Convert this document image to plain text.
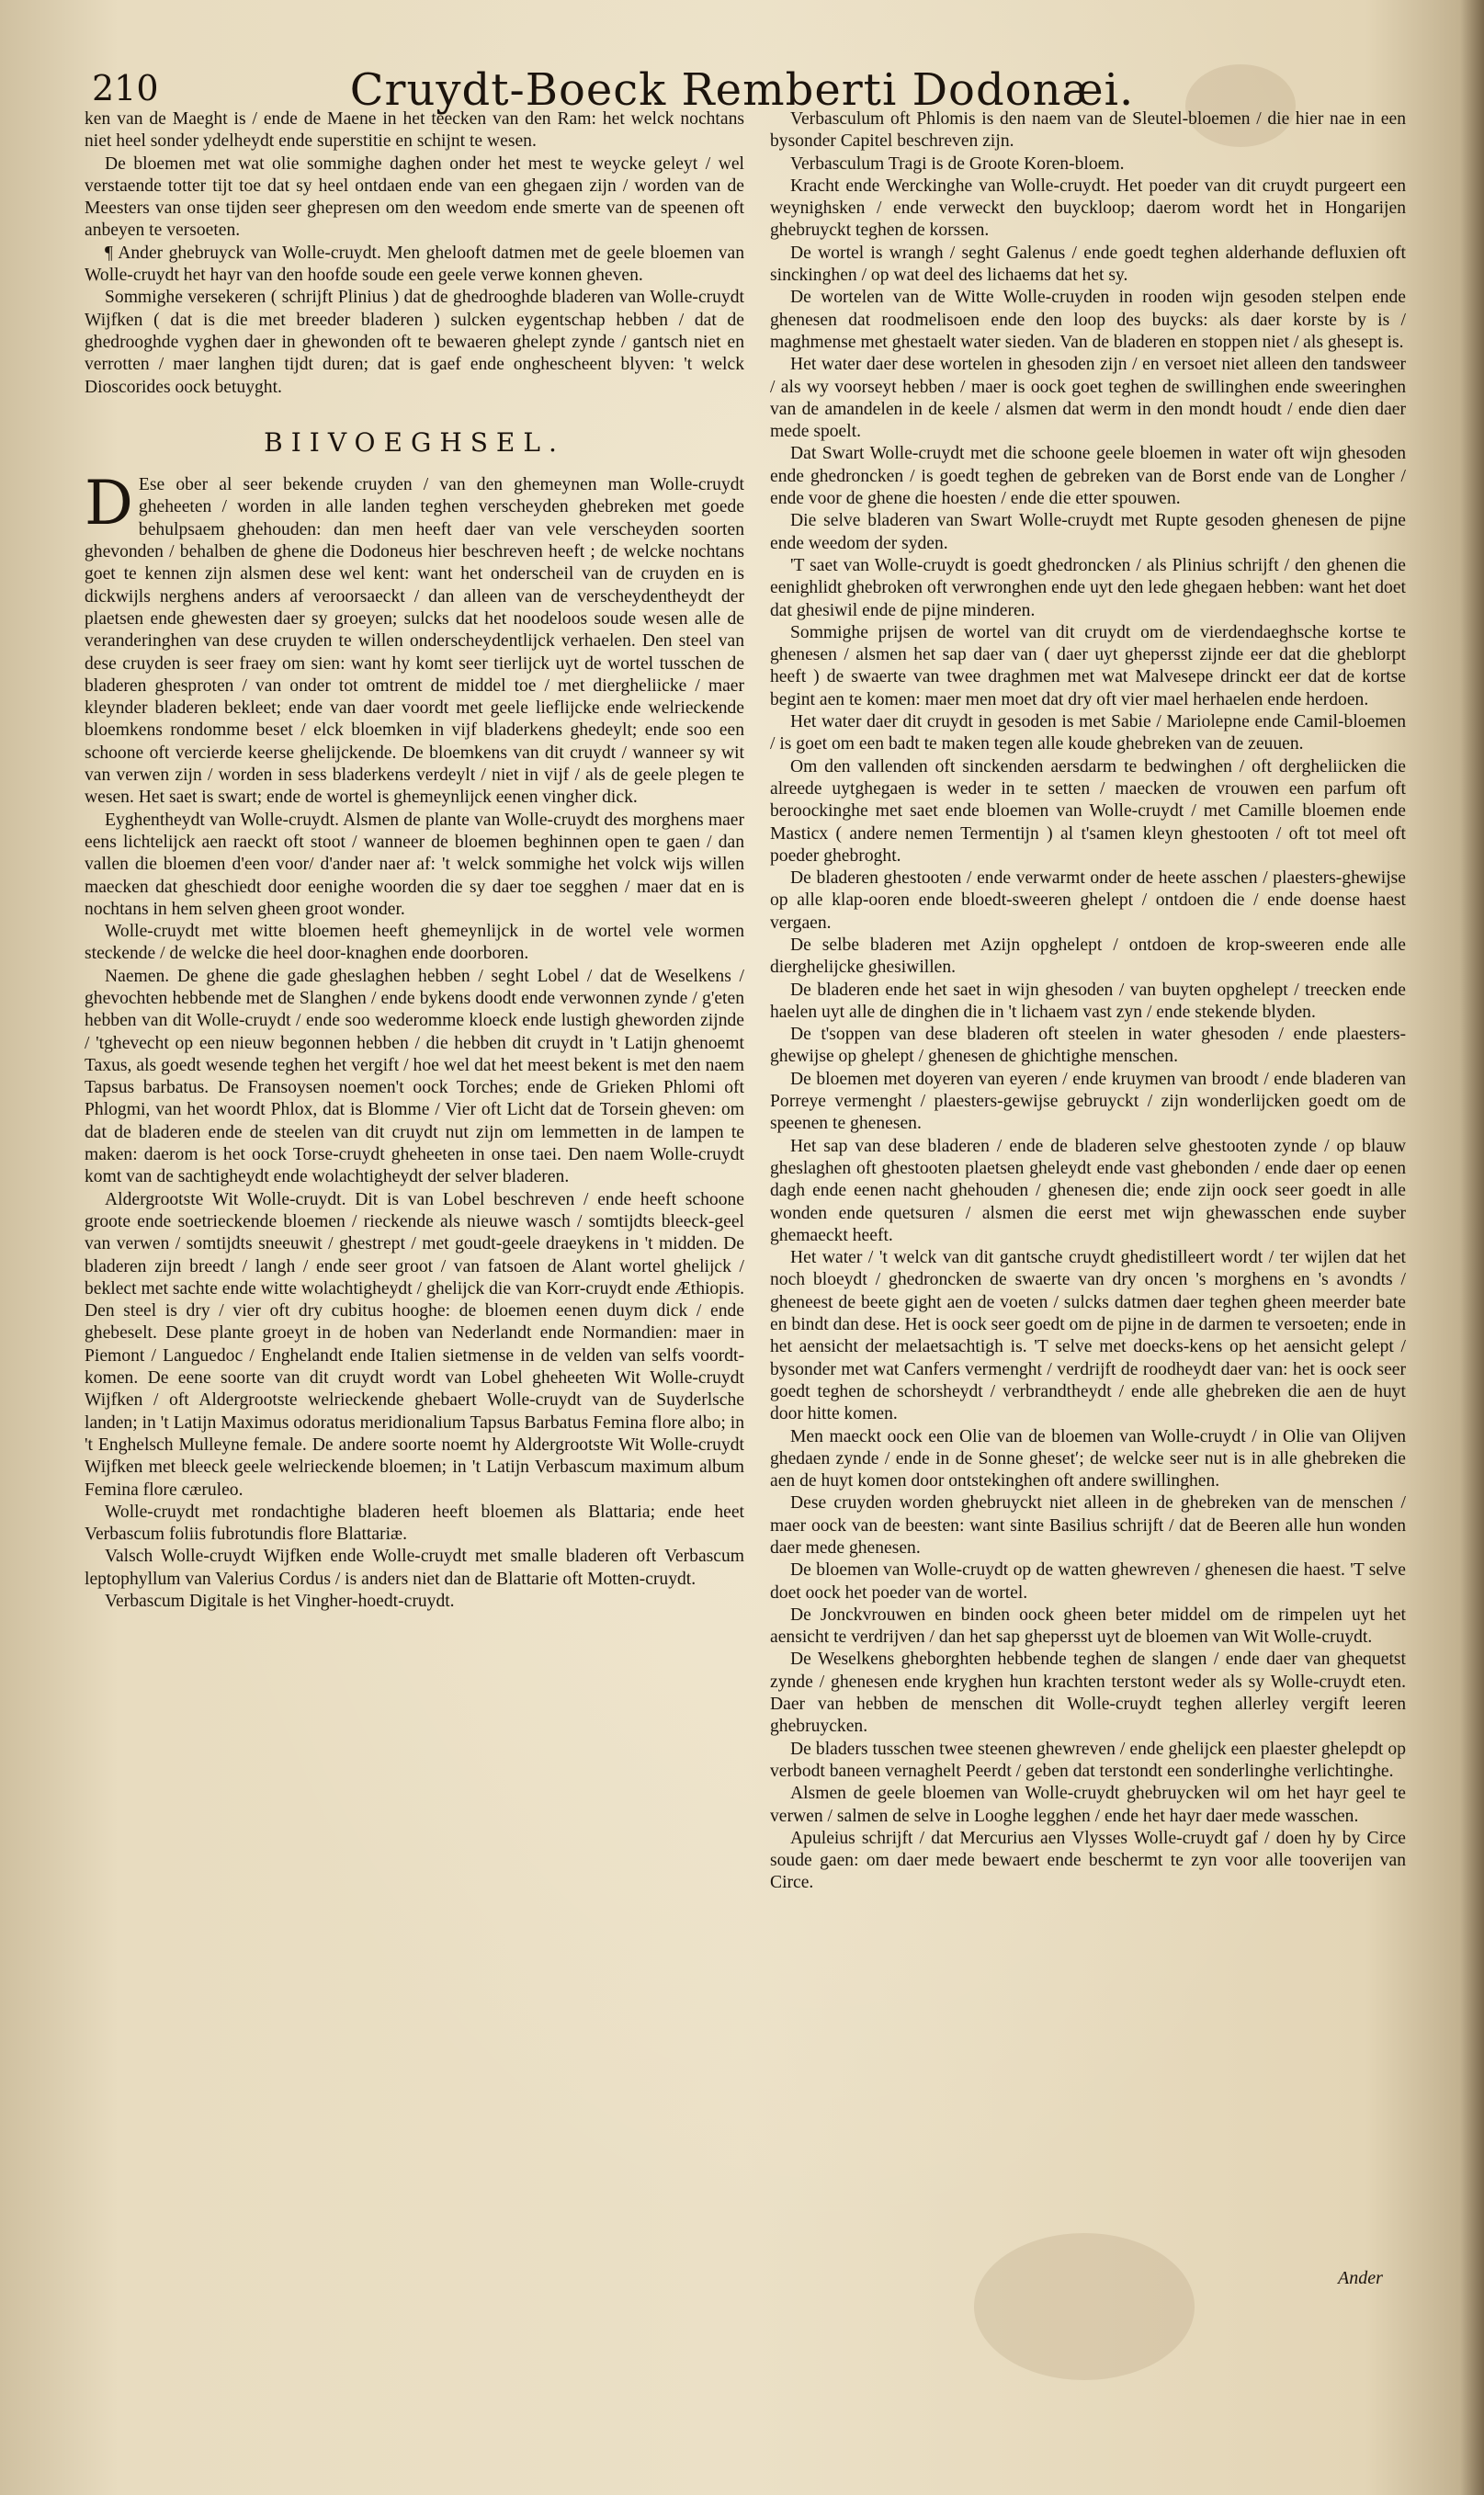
210	Cruydt-Boeck Remberti Dodonæi.

ken van de Maeght is / ende de Maene in het teecken van den Ram: het welck nochtans niet heel sonder ydelheydt ende superstitie en schijnt te wesen.

De bloemen met wat olie sommighe daghen onder het mest te weycke geleyt / wel verstaende totter tijt toe dat sy heel ontdaen ende van een ghegaen zijn / worden van de Meesters van onse tijden seer ghepresen om den weedom ende smerte van de speenen oft anbeyen te versoeten.

¶ Ander ghebruyck van Wolle-cruydt. Men ghelooft datmen met de geele bloemen van Wolle-cruydt het hayr van den hoofde soude een geele verwe konnen gheven.

Sommighe versekeren ( schrijft Plinius ) dat de ghedrooghde bladeren van Wolle-cruydt Wijfken ( dat is die met breeder bladeren ) sulcken eygentschap hebben / dat de ghedrooghde vyghen daer in ghewonden oft te bewaeren ghelept zynde / gantsch niet en verrotten / maer langhen tijdt duren; dat is gaef ende onghescheent blyven: 't welck Dioscorides oock betuyght.

BIIVOEGHSEL.

D Ese ober al seer bekende cruyden / van den ghemeynen man Wolle-cruydt gheheeten / worden in alle landen teghen verscheyden ghebreken met goede behulpsaem ghehouden: dan men heeft daer van vele verscheyden soorten ghevonden / behalben de ghene die Dodoneus hier beschreven heeft ; de welcke nochtans goet te kennen zijn alsmen dese wel kent: want het onderscheil van de cruyden en is dickwijls nerghens anders af veroorsaeckt / dan alleen van de verscheydentheydt der plaetsen ende ghewesten daer sy groeyen; sulcks dat het noodeloos soude wesen alle de veranderinghen van dese cruyden te willen onderscheydentlijck verhaelen. Den steel van dese cruyden is seer fraey om sien: want hy komt seer tierlijck uyt de wortel tusschen de bladeren ghesproten / van onder tot omtrent de middel toe / met diergheliicke / maer kleynder bladeren bekleet; ende van daer voordt met geele lieflijcke ende welrieckende bloemkens rondomme beset / elck bloemken in vijf bladerkens ghedeylt; ende soo een schoone oft vercierde keerse ghelijckende. De bloemkens van dit cruydt / wanneer sy wit van verwen zijn / worden in sess bladerkens verdeylt / niet in vijf / als de geele plegen te wesen. Het saet is swart; ende de wortel is ghemeynlijck eenen vingher dick.

Eyghentheydt van Wolle-cruydt. Alsmen de plante van Wolle-cruydt des morghens maer eens lichtelijck aen raeckt oft stoot / wanneer de bloemen beghinnen open te gaen / dan vallen die bloemen d'een voor/ d'ander naer af: 't welck sommighe het volck wijs willen maecken dat gheschiedt door eenighe woorden die sy daer toe segghen / maer dat en is nochtans in hem selven gheen groot wonder.

Wolle-cruydt met witte bloemen heeft ghemeynlijck in de wortel vele wormen steckende / de welcke die heel door-knaghen ende doorboren.

Naemen. De ghene die gade gheslaghen hebben / seght Lobel / dat de Weselkens / ghevochten hebbende met de Slanghen / ende bykens doodt ende verwonnen zynde / g'eten hebben van dit Wolle-cruydt / ende soo wederomme kloeck ende lustigh gheworden zijnde / 'tghevecht op een nieuw begonnen hebben / die hebben dit cruydt in 't Latijn ghenoemt Taxus, als goedt wesende teghen het vergift / hoe wel dat het meest bekent is met den naem Tapsus barbatus. De Fransoysen noemen't oock Torches; ende de Grieken Phlomi oft Phlogmi, van het woordt Phlox, dat is Blomme / Vier oft Licht dat de Torsein gheven: om dat de bladeren ende de steelen van dit cruydt nut zijn om lemmetten in de lampen te maken: daerom is het oock Torse-cruydt gheheeten in onse taei. Den naem Wolle-cruydt komt van de sachtigheydt ende wolachtigheydt der selver bladeren.

Aldergrootste Wit Wolle-cruydt. Dit is van Lobel beschreven / ende heeft schoone groote ende soetrieckende bloemen / rieckende als nieuwe wasch / somtijdts bleeck-geel van verwen / somtijdts sneeuwit / ghestrept / met goudt-geele draeykens in 't midden. De bladeren zijn breedt / langh / ende seer groot / van fatsoen de Alant wortel ghelijck / beklect met sachte ende witte wolachtigheydt / ghelijck die van Korr-cruydt ende Æthiopis. Den steel is dry / vier oft dry cubitus hooghe: de bloemen eenen duym dick / ende ghebeselt. Dese plante groeyt in de hoben van Nederlandt ende Normandien: maer in Piemont / Languedoc / Enghelandt ende Italien sietmense in de velden van selfs voordt-komen. De eene soorte van dit cruydt wordt van Lobel gheheeten Wit Wolle-cruydt Wijfken / oft Aldergrootste welrieckende ghebaert Wolle-cruydt van de Suyderlsche landen; in 't Latijn Maximus odoratus meridionalium Tapsus Barbatus Femina flore albo; in 't Enghelsch Mulleyne female. De andere soorte noemt hy Aldergrootste Wit Wolle-cruydt Wijfken met bleeck geele welrieckende bloemen; in 't Latijn Verbascum maximum album Femina flore cæruleo.

Wolle-cruydt met rondachtighe bladeren heeft bloemen als Blattaria; ende heet Verbascum foliis fubrotundis flore Blattariæ.

Valsch Wolle-cruydt Wijfken ende Wolle-cruydt met smalle bladeren oft Verbascum leptophyllum van Valerius Cordus / is anders niet dan de Blattarie oft Motten-cruydt.

Verbascum Digitale is het Vingher-hoedt-cruydt.

Verbasculum oft Phlomis is den naem van de Sleutel-bloemen / die hier nae in een bysonder Capitel beschreven zijn.

Verbasculum Tragi is de Groote Koren-bloem.

Kracht ende Werckinghe van Wolle-cruydt. Het poeder van dit cruydt purgeert een weynighsken / ende verweckt den buyckloop; daerom wordt het in Hongarijen ghebruyckt teghen de korssen.

De wortel is wrangh / seght Galenus / ende goedt teghen alderhande defluxien oft sinckinghen / op wat deel des lichaems dat het sy.

De wortelen van de Witte Wolle-cruyden in rooden wijn gesoden stelpen ende ghenesen dat roodmelisoen ende den loop des buycks: als daer korste by is / maghmense met ghestaelt water sieden. Van de bladeren en stoppen niet / als ghesept is.

Het water daer dese wortelen in ghesoden zijn / en versoet niet alleen den tandsweer / als wy voorseyt hebben / maer is oock goet teghen de swillinghen ende sweeringhen van de amandelen in de keele / alsmen dat werm in den mondt houdt / ende dien daer mede spoelt.

Dat Swart Wolle-cruydt met die schoone geele bloemen in water oft wijn ghesoden ende ghedroncken / is goedt teghen de gebreken van de Borst ende van de Longher / ende voor de ghene die hoesten / ende die etter spouwen.

Die selve bladeren van Swart Wolle-cruydt met Rupte gesoden ghenesen de pijne ende weedom der syden.

'T saet van Wolle-cruydt is goedt ghedroncken / als Plinius schrijft / den ghenen die eenighlidt ghebroken oft verwronghen ende uyt den lede ghegaen hebben: want het doet dat ghesiwil ende de pijne minderen.

Sommighe prijsen de wortel van dit cruydt om de vierdendaeghsche kortse te ghenesen / alsmen het sap daer van ( daer uyt ghepersst zijnde eer dat die gheblorpt heeft ) de swaerte van twee draghmen met wat Malvesepe drinckt eer dat de kortse begint aen te komen: maer men moet dat dry oft vier mael herhaelen ende herdoen.

Het water daer dit cruydt in gesoden is met Sabie / Mariolepne ende Camil-bloemen / is goet om een badt te maken tegen alle koude ghebreken van de zeuuen.

Om den vallenden oft sinckenden aersdarm te bedwinghen / oft dergheliicken die alreede uytghegaen is weder in te setten / maecken de vrouwen een parfum oft beroockinghe met saet ende bloemen van Wolle-cruydt / met Camille bloemen ende Masticx ( andere nemen Termentijn ) al t'samen kleyn ghestooten / oft tot meel oft poeder ghebroght.

De bladeren ghestooten / ende verwarmt onder de heete asschen / plaesters-ghewijse op alle klap-ooren ende bloedt-sweeren ghelept / ontdoen die / ende doense haest vergaen.

De selbe bladeren met Azijn opghelept / ontdoen de krop-sweeren ende alle dierghelijcke ghesiwillen.

De bladeren ende het saet in wijn ghesoden / van buyten opghelept / treecken ende haelen uyt alle de dinghen die in 't lichaem vast zyn / ende stekende blyden.

De t'soppen van dese bladeren oft steelen in water ghesoden / ende plaesters-ghewijse op ghelept / ghenesen de ghichtighe menschen.

De bloemen met doyeren van eyeren / ende kruymen van broodt / ende bladeren van Porreye vermenght / plaesters-gewijse gebruyckt / zijn wonderlijcken goedt om de speenen te ghenesen.

Het sap van dese bladeren / ende de bladeren selve ghestooten zynde / op blauw gheslaghen oft ghestooten plaetsen gheleydt ende vast ghebonden / ende daer op eenen dagh ende eenen nacht ghehouden / ghenesen die; ende zijn oock seer goedt in alle wonden ende quetsuren / alsmen die eerst met wijn ghewasschen ende suyber ghemaeckt heeft.

Het water / 't welck van dit gantsche cruydt ghedistilleert wordt / ter wijlen dat het noch bloeydt / ghedroncken de swaerte van dry oncen 's morghens en 's avondts / gheneest de beete gight aen de voeten / sulcks datmen daer teghen gheen meerder bate en bindt dan dese. Het is oock seer goedt om de pijne in de darmen te versoeten; ende in het aensicht der melaetsachtigh is. 'T selve met doecks-kens op het aensicht gelept / bysonder met wat Canfers vermenght / verdrijft de roodheydt daer van: het is oock seer goedt teghen de schorsheydt / verbrandtheydt / ende alle ghebreken die aen de huyt door hitte komen.

Men maeckt oock een Olie van de bloemen van Wolle-cruydt / in Olie van Olijven ghedaen zynde / ende in de Sonne ghesetʹ; de welcke seer nut is in alle ghebreken die aen de huyt komen door ontstekinghen oft andere swillinghen.

Dese cruyden worden ghebruyckt niet alleen in de ghebreken van de menschen / maer oock van de beesten: want sinte Basilius schrijft / dat de Beeren alle hun wonden daer mede ghenesen.

De bloemen van Wolle-cruydt op de watten ghewreven / ghenesen die haest. 'T selve doet oock het poeder van de wortel.

De Jonckvrouwen en binden oock gheen beter middel om de rimpelen uyt het aensicht te verdrijven / dan het sap ghepersst uyt de bloemen van Wit Wolle-cruydt.

De Weselkens gheborghten hebbende teghen de slangen / ende daer van ghequetst zynde / ghenesen ende kryghen hun krachten terstont weder als sy Wolle-cruydt eten. Daer van hebben de menschen dit Wolle-cruydt teghen allerley vergift leeren ghebruycken.

De bladers tusschen twee steenen ghewreven / ende ghelijck een plaester ghelepdt op verbodt baneen vernaghelt Peerdt / geben dat terstondt een sonderlinghe verlichtinghe.

Alsmen de geele bloemen van Wolle-cruydt ghebruycken wil om het hayr geel te verwen / salmen de selve in Looghe legghen / ende het hayr daer mede wasschen.

Apuleius schrijft / dat Mercurius aen Vlysses Wolle-cruydt gaf / doen hy by Circe soude gaen: om daer mede bewaert ende beschermt te zyn voor alle tooverijen van Circe.

Ander
